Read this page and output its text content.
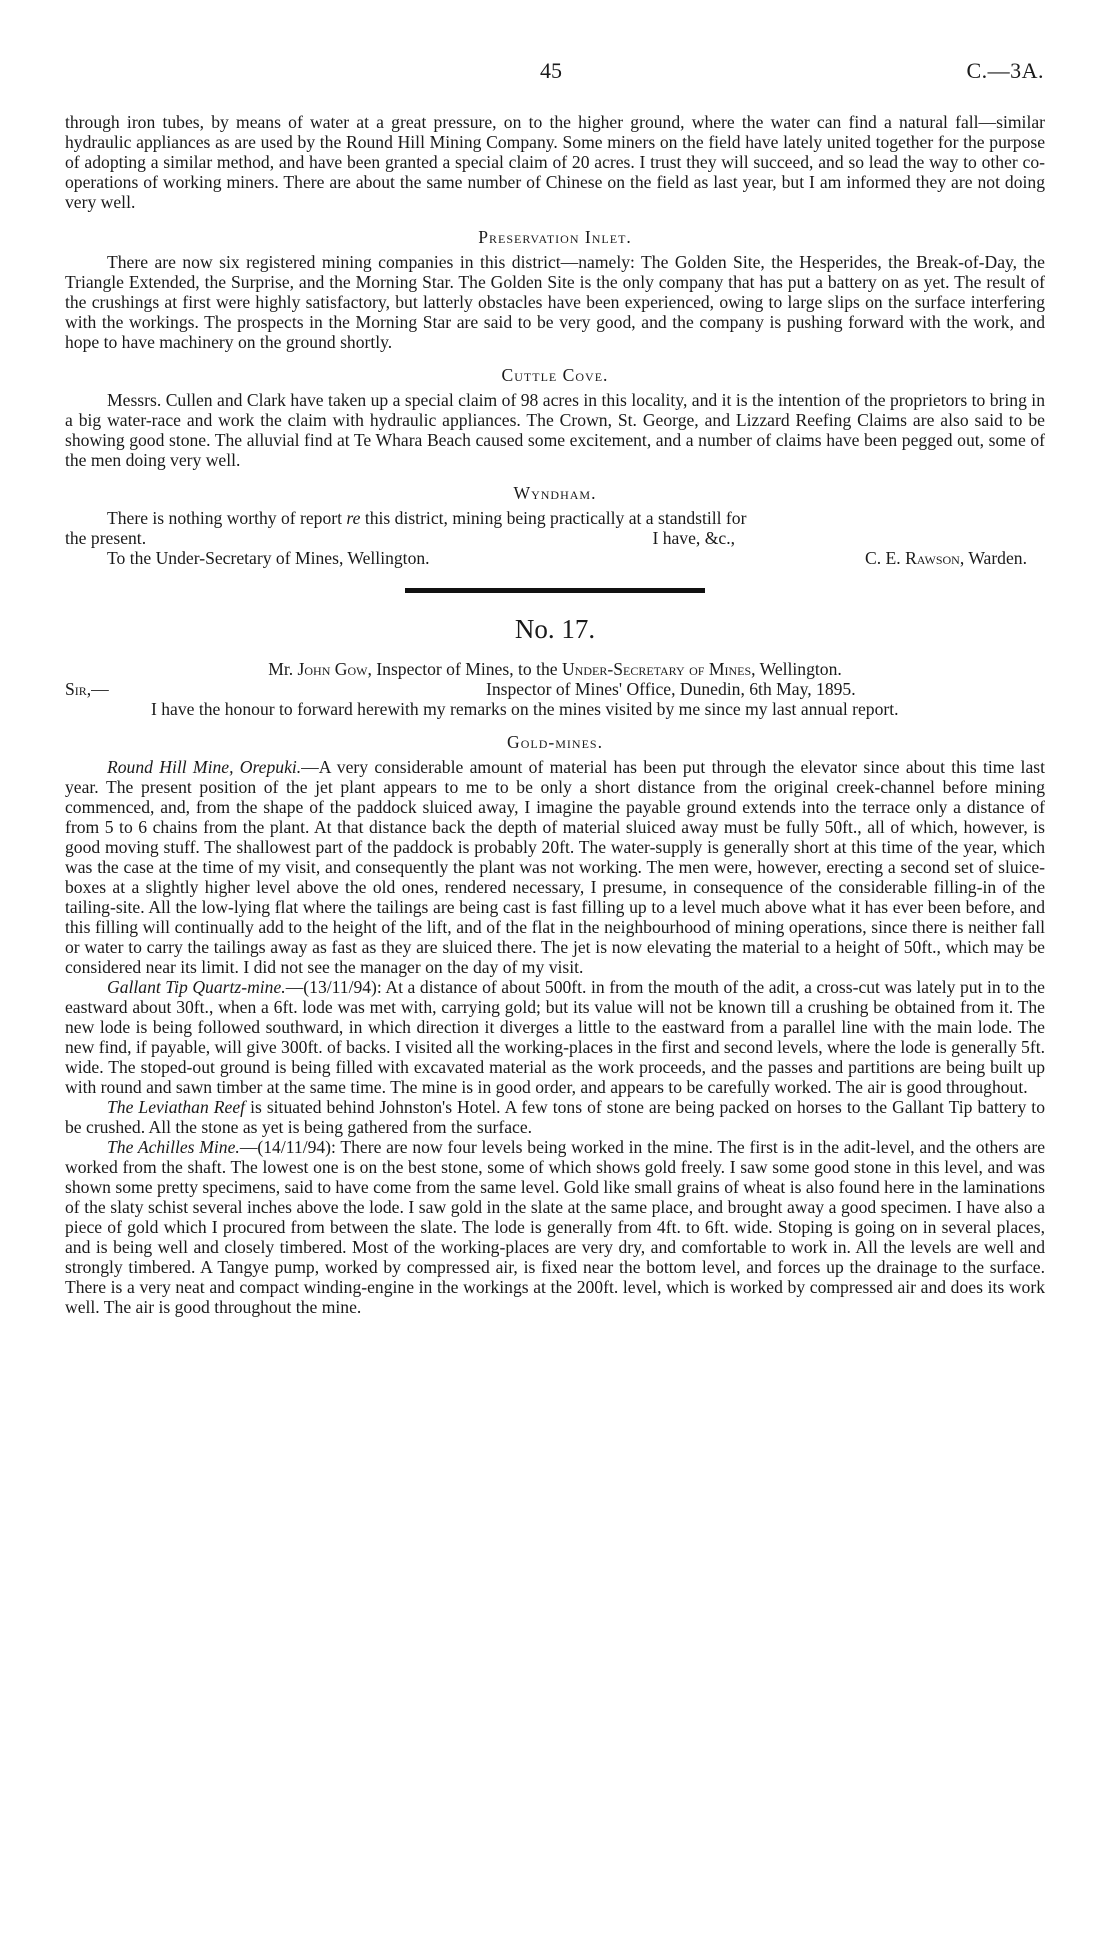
45	C.—3A.

through iron tubes, by means of water at a great pressure, on to the higher ground, where the water can find a natural fall—similar hydraulic appliances as are used by the Round Hill Mining Company. Some miners on the field have lately united together for the purpose of adopting a similar method, and have been granted a special claim of 20 acres. I trust they will succeed, and so lead the way to other co-operations of working miners. There are about the same number of Chinese on the field as last year, but I am informed they are not doing very well.

Preservation Inlet.

There are now six registered mining companies in this district—namely: The Golden Site, the Hesperides, the Break-of-Day, the Triangle Extended, the Surprise, and the Morning Star. The Golden Site is the only company that has put a battery on as yet. The result of the crushings at first were highly satisfactory, but latterly obstacles have been experienced, owing to large slips on the surface interfering with the workings. The prospects in the Morning Star are said to be very good, and the company is pushing forward with the work, and hope to have machinery on the ground shortly.

Cuttle Cove.

Messrs. Cullen and Clark have taken up a special claim of 98 acres in this locality, and it is the intention of the proprietors to bring in a big water-race and work the claim with hydraulic appliances. The Crown, St. George, and Lizzard Reefing Claims are also said to be showing good stone. The alluvial find at Te Whara Beach caused some excitement, and a number of claims have been pegged out, some of the men doing very well.

Wyndham.

There is nothing worthy of report re this district, mining being practically at a standstill for

the present.	I have, &c.,
To the Under-Secretary of Mines, Wellington.	C. E. Rawson, Warden.
No. 17.

Mr. John Gow, Inspector of Mines, to the Under-Secretary of Mines, Wellington.

Sir,—	Inspector of Mines' Office, Dunedin, 6th May, 1895.

I have the honour to forward herewith my remarks on the mines visited by me since my last annual report.

Gold-mines.

Round Hill Mine, Orepuki.—A very considerable amount of material has been put through the elevator since about this time last year. The present position of the jet plant appears to me to be only a short distance from the original creek-channel before mining commenced, and, from the shape of the paddock sluiced away, I imagine the payable ground extends into the terrace only a distance of from 5 to 6 chains from the plant. At that distance back the depth of material sluiced away must be fully 50ft., all of which, however, is good moving stuff. The shallowest part of the paddock is probably 20ft. The water-supply is generally short at this time of the year, which was the case at the time of my visit, and consequently the plant was not working. The men were, however, erecting a second set of sluice-boxes at a slightly higher level above the old ones, rendered necessary, I presume, in consequence of the considerable filling-in of the tailing-site. All the low-lying flat where the tailings are being cast is fast filling up to a level much above what it has ever been before, and this filling will continually add to the height of the lift, and of the flat in the neighbourhood of mining operations, since there is neither fall or water to carry the tailings away as fast as they are sluiced there. The jet is now elevating the material to a height of 50ft., which may be considered near its limit. I did not see the manager on the day of my visit.

Gallant Tip Quartz-mine.—(13/11/94): At a distance of about 500ft. in from the mouth of the adit, a cross-cut was lately put in to the eastward about 30ft., when a 6ft. lode was met with, carrying gold; but its value will not be known till a crushing be obtained from it. The new lode is being followed southward, in which direction it diverges a little to the eastward from a parallel line with the main lode. The new find, if payable, will give 300ft. of backs. I visited all the working-places in the first and second levels, where the lode is generally 5ft. wide. The stoped-out ground is being filled with excavated material as the work proceeds, and the passes and partitions are being built up with round and sawn timber at the same time. The mine is in good order, and appears to be carefully worked. The air is good throughout.

The Leviathan Reef is situated behind Johnston's Hotel. A few tons of stone are being packed on horses to the Gallant Tip battery to be crushed. All the stone as yet is being gathered from the surface.

The Achilles Mine.—(14/11/94): There are now four levels being worked in the mine. The first is in the adit-level, and the others are worked from the shaft. The lowest one is on the best stone, some of which shows gold freely. I saw some good stone in this level, and was shown some pretty specimens, said to have come from the same level. Gold like small grains of wheat is also found here in the laminations of the slaty schist several inches above the lode. I saw gold in the slate at the same place, and brought away a good specimen. I have also a piece of gold which I procured from between the slate. The lode is generally from 4ft. to 6ft. wide. Stoping is going on in several places, and is being well and closely timbered. Most of the working-places are very dry, and comfortable to work in. All the levels are well and strongly timbered. A Tangye pump, worked by compressed air, is fixed near the bottom level, and forces up the drainage to the surface. There is a very neat and compact winding-engine in the workings at the 200ft. level, which is worked by compressed air and does its work well. The air is good throughout the mine.
